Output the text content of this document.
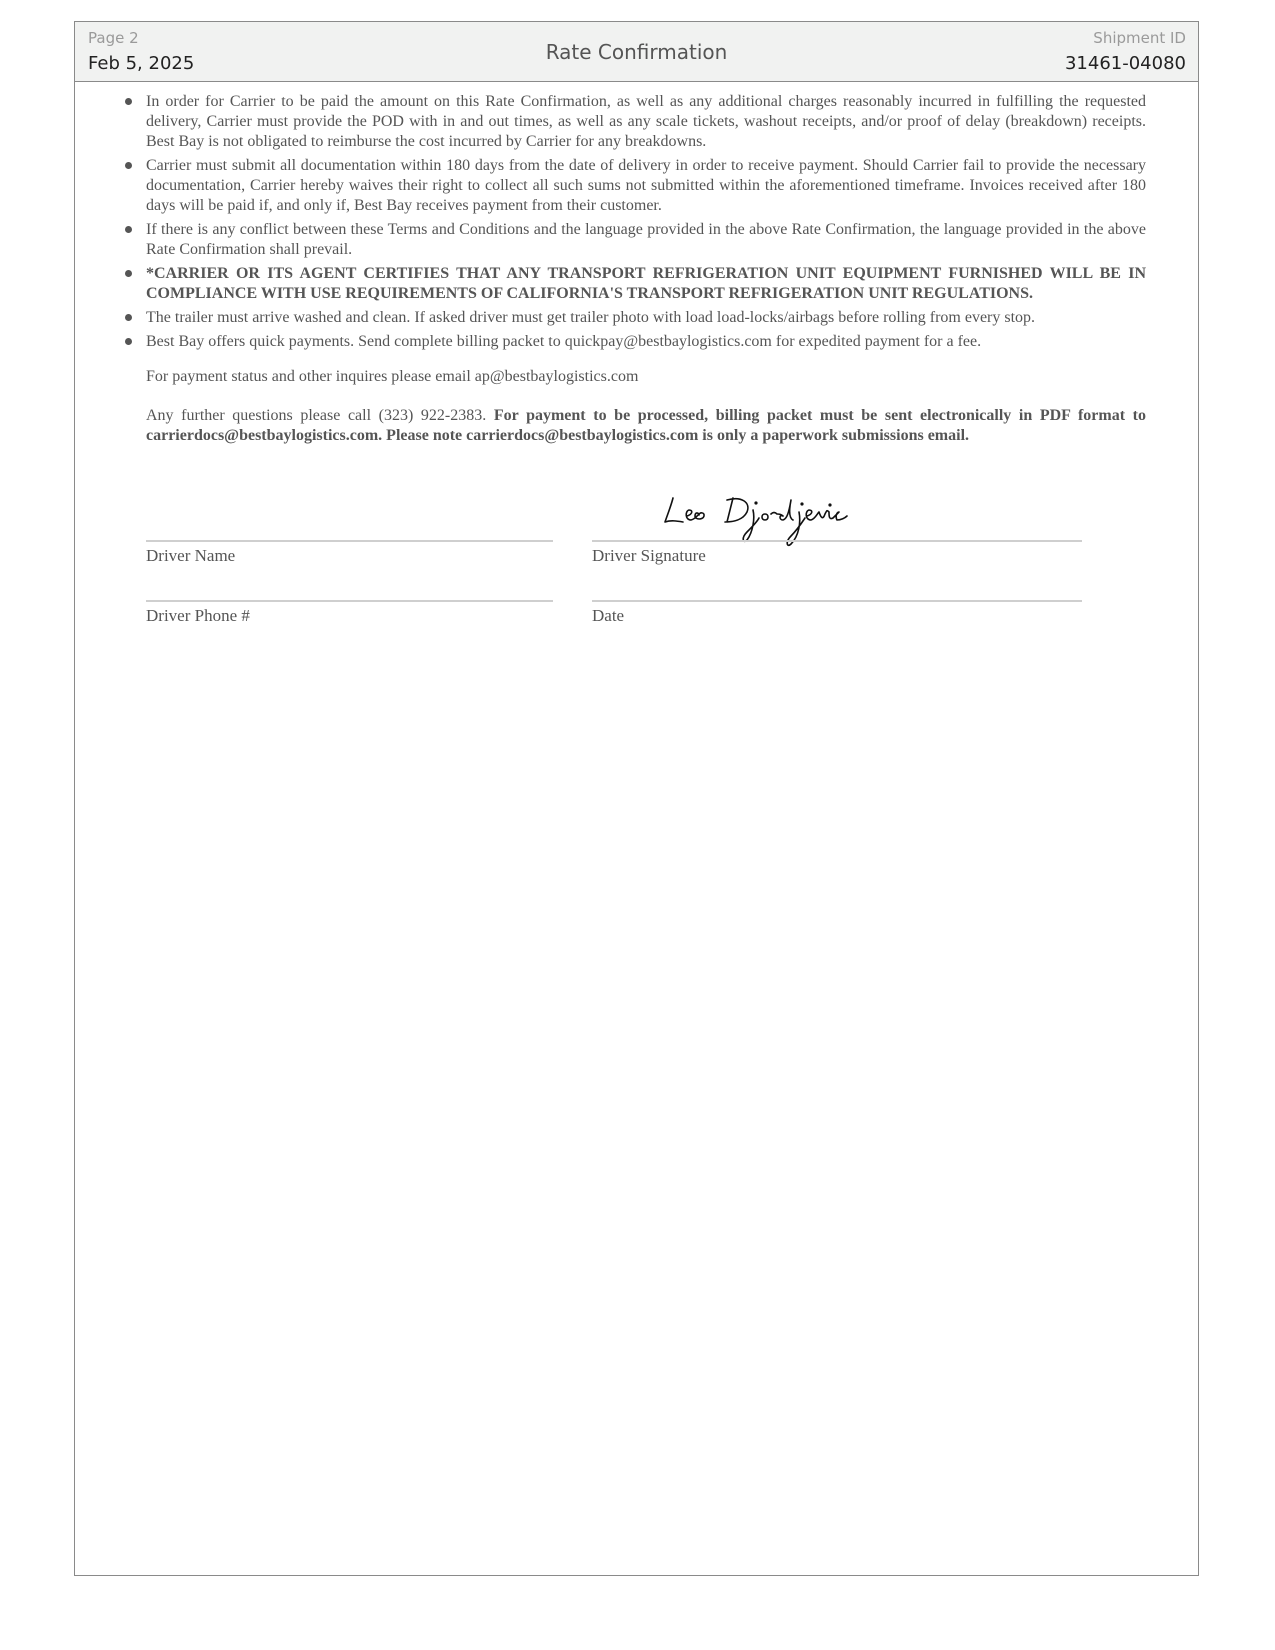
Page 2
Feb 5, 2025	Rate Confirmation
Shipment ID
31461-04080
In order for Carrier to be paid the amount on this Rate Confirmation, as well as any additional charges reasonably incurred in fulfilling the requested delivery, Carrier must provide the POD with in and out times, as well as any scale tickets, washout receipts, and/or proof of delay (breakdown) receipts. Best Bay is not obligated to reimburse the cost incurred by Carrier for any breakdowns.
Carrier must submit all documentation within 180 days from the date of delivery in order to receive payment. Should Carrier fail to provide the necessary documentation, Carrier hereby waives their right to collect all such sums not submitted within the aforementioned timeframe. Invoices received after 180 days will be paid if, and only if, Best Bay receives payment from their customer.
If there is any conflict between these Terms and Conditions and the language provided in the above Rate Confirmation, the language provided in the above Rate Confirmation shall prevail.
*CARRIER OR ITS AGENT CERTIFIES THAT ANY TRANSPORT REFRIGERATION UNIT EQUIPMENT FURNISHED WILL BE IN COMPLIANCE WITH USE REQUIREMENTS OF CALIFORNIA'S TRANSPORT REFRIGERATION UNIT REGULATIONS.
The trailer must arrive washed and clean. If asked driver must get trailer photo with load load-locks/airbags before rolling from every stop.
Best Bay offers quick payments. Send complete billing packet to quickpay@bestbaylogistics.com for expedited payment for a fee.

For payment status and other inquires please email ap@bestbaylogistics.com

Any further questions please call (323) 922-2383. For payment to be processed, billing packet must be sent electronically in PDF format to carrierdocs@bestbaylogistics.com. Please note carrierdocs@bestbaylogistics.com is only a paperwork submissions email.

Driver Name	Driver Signature
Driver Phone #	Date
